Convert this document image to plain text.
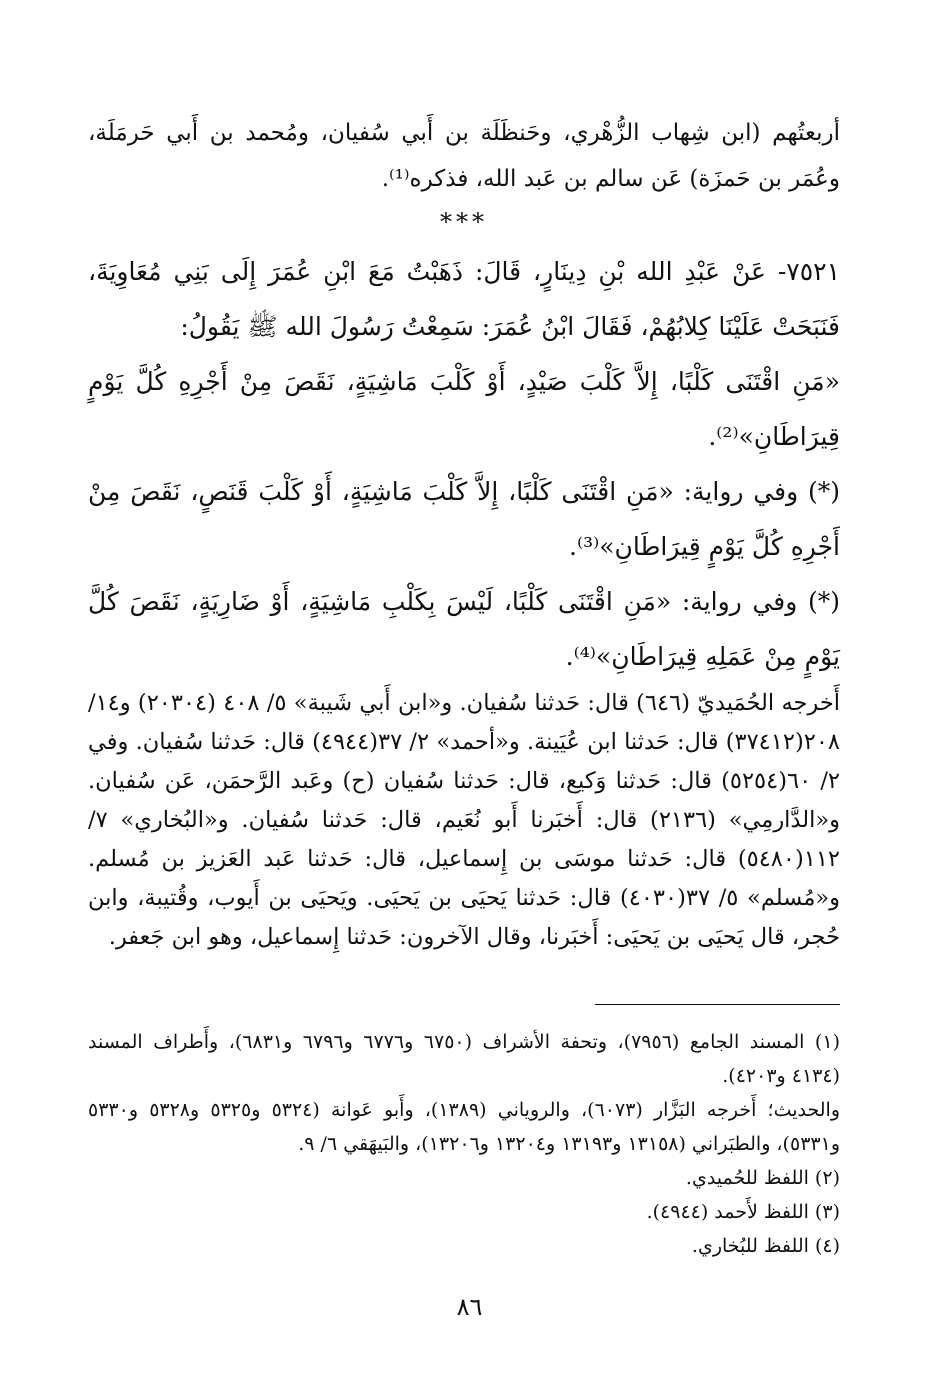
أربعتُهم (ابن شِهاب الزُّهْري، وحَنظَلَة بن أَبي سُفيان، ومُحمد بن أَبي حَرمَلَة، وعُمَر بن حَمزَة) عَن سالم بن عَبد الله، فذكره⁽¹⁾.

***

٧٥٢١- عَنْ عَبْدِ الله بْنِ دِينَارٍ، قَالَ: ذَهَبْتُ مَعَ ابْنِ عُمَرَ إِلَى بَنِي مُعَاوِيَةَ، فَنَبَحَتْ عَلَيْنَا كِلابُهُمْ، فَقَالَ ابْنُ عُمَرَ: سَمِعْتُ رَسُولَ الله ﷺ يَقُولُ:

«مَنِ اقْتَنَى كَلْبًا، إِلاَّ كَلْبَ صَيْدٍ، أَوْ كَلْبَ مَاشِيَةٍ، نَقَصَ مِنْ أَجْرِهِ كُلَّ يَوْمٍ قِيرَاطَانِ»⁽²⁾.

(*) وفي رواية: «مَنِ اقْتَنَى كَلْبًا، إِلاَّ كَلْبَ مَاشِيَةٍ، أَوْ كَلْبَ قَنَصٍ، نَقَصَ مِنْ أَجْرِهِ كُلَّ يَوْمٍ قِيرَاطَانِ»⁽³⁾.

(*) وفي رواية: «مَنِ اقْتَنَى كَلْبًا، لَيْسَ بِكَلْبِ مَاشِيَةٍ، أَوْ ضَارِيَةٍ، نَقَصَ كُلَّ يَوْمٍ مِنْ عَمَلِهِ قِيرَاطَانِ»⁽⁴⁾.

أَخرجه الحُمَيديّ (٦٤٦) قال: حَدثنا سُفيان. و«ابن أَبي شَيبة» ٥/ ٤٠٨ (٢٠٣٠٤) و١٤/ ٢٠٨(٣٧٤١٢) قال: حَدثنا ابن عُيَينة. و«أحمد» ٢/ ٣٧(٤٩٤٤) قال: حَدثنا سُفيان. وفي ٢/ ٦٠(٥٢٥٤) قال: حَدثنا وَكيع، قال: حَدثنا سُفيان (ح) وعَبد الرَّحمَن، عَن سُفيان. و«الدَّارمِي» (٢١٣٦) قال: أَخبَرنا أَبو نُعَيم، قال: حَدثنا سُفيان. و«البُخاري» ٧/ ١١٢(٥٤٨٠) قال: حَدثنا موسَى بن إِسماعيل، قال: حَدثنا عَبد العَزيز بن مُسلم. و«مُسلم» ٥/ ٣٧(٤٠٣٠) قال: حَدثنا يَحيَى بن يَحيَى. ويَحيَى بن أَيوب، وقُتيبة، وابن حُجر، قال يَحيَى بن يَحيَى: أَخبَرنا، وقال الآخرون: حَدثنا إِسماعيل، وهو ابن جَعفر.

(١) المسند الجامع (٧٩٥٦)، وتحفة الأشراف (٦٧٥٠ و٦٧٧٦ و٦٧٩٦ و٦٨٣١)، وأَطراف المسند (٤١٣٤ و٤٢٠٣).

والحديث؛ أَخرجه البَزَّار (٦٠٧٣)، والروياني (١٣٨٩)، وأَبو عَوانة (٥٣٢٤ و٥٣٢٥ و٥٣٢٨ و٥٣٣٠ و٥٣٣١)، والطبَراني (١٣١٥٨ و١٣١٩٣ و١٣٢٠٤ و١٣٢٠٦)، والبَيهَقي ٦/ ٩.

(٢) اللفظ للحُميدي.

(٣) اللفظ لأَحمد (٤٩٤٤).

(٤) اللفظ للبُخاري.

٨٦
